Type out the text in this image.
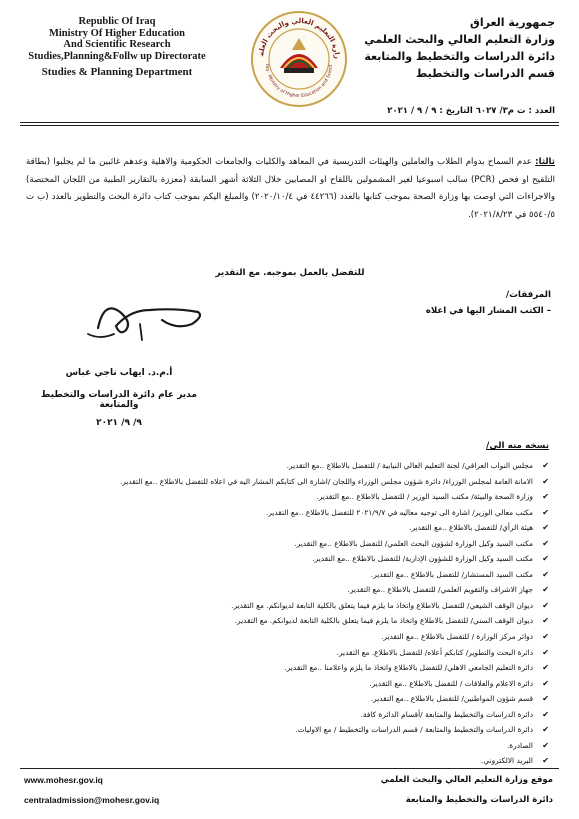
Republic Of Iraq
Ministry Of Higher Education
And Scientific Research
Studies,Planning&Follw up Directorate
Studies & Planning Department
زارة التعليم العالي والبحث العلم
raq · Ministry of Higher Education and Scient
جمهورية العراق
وزارة التعليم العالي والبحث العلمي
دائرة الدراسات والتخطيط والمتابعة
قسم الدراسات والتخطيط
العدد : ت م٣/ ٦٠٢٧ التاريخ : ٩ / ٩ / ٢٠٢١
ثالثا: عدم السماح بدوام الطلاب والعاملين والهيئات التدريسية في المعاهد والكليات والجامعات الحكومية والاهلية وعدهم غائبين ما لم يجلبوا (بطاقة التلقيح او فحص (PCR) سالب اسبوعيا لغير المشمولين باللقاح او المصابين خلال الثلاثة أشهر السابقة (معززة بالتقارير الطبية من اللجان المختصة) والاجراءات التي اوصت بها وزارة الصحة بموجب كتابها بالعدد (٤٤٢٦٦ في ٢٠٢٠/١٠/٤) والمبلغ اليكم بموجب كتاب دائرة البحث والتطوير بالعدد (ب ت ٥٥٤٠/٥ في ٢٠٢١/٨/٢٣).
للتفضل بالعمل بموجبه. مع التقدير
المرفقات/
– الكتب المشار اليها في اعلاه
أ.م.د. ايهاب ناجي عباس
مدير عام دائرة الدراسات والتخطيط والمتابعة
٩/ ٩/ ٢٠٢١
نسخه منه الى/
✔ مجلس النواب العراقي/ لجنة التعليم العالي النيابية / للتفضل بالاطلاع ..مع التقدير.
✔ الامانة العامة لمجلس الوزراء/ دائرة شؤون مجلس الوزراء واللجان /اشارة الى كتابكم المشار اليه في اعلاه للتفضل بالاطلاع ..مع التقدير.
✔ وزارة الصحة والبيئة/ مكتب السيد الوزير / للتفضل بالاطلاع ..مع التقدير.
✔ مكتب معالي الوزير/ اشارة الى توجيه معاليه في ٢٠٢١/٩/٧ للتفضل بالاطلاع ..مع التقدير.
✔ هيئة الرأي/ للتفضل بالاطلاع ..مع التقدير.
✔ مكتب السيد وكيل الوزارة لشؤون البحث العلمي/ للتفضل بالاطلاع ..مع التقدير.
✔ مكتب السيد وكيل الوزارة للشؤون الإدارية/ للتفضل بالاطلاع ..مع التقدير.
✔ مكتب السيد المستشار/ للتفضل بالاطلاع ..مع التقدير.
✔ جهاز الاشراف والتقويم العلمي/ للتفضل بالاطلاع ..مع التقدير.
✔ ديوان الوقف الشيعي/ للتفضل بالاطلاع واتخاذ ما يلزم فيما يتعلق بالكلية التابعة لديوانكم. مع التقدير.
✔ ديوان الوقف السني/ للتفضل بالاطلاع واتخاذ ما يلزم فيما يتعلق بالكلية التابعة لديوانكم. مع التقدير.
✔ دوائر مركز الوزارة / للتفضل بالاطلاع ..مع التقدير.
✔ دائرة البحث والتطوير/ كتابكم أعلاه/ للتفضل بالاطلاع. مع التقدير.
✔ دائرة التعليم الجامعي الاهلي/ للتفضل بالاطلاع واتخاذ ما يلزم واعلامنا ..مع التقدير.
✔ دائرة الاعلام والعلاقات / للتفضل بالاطلاع ..مع التقدير.
✔ قسم شؤون المواطنين/ للتفضل بالاطلاع ..مع التقدير.
✔ دائرة الدراسات والتخطيط والمتابعة /أقسام الدائرة كافة.
✔ دائرة الدراسات والتخطيط والمتابعة / قسم الدراسات والتخطيط / مع الاوليات.
✔ الصادرة.
✔ البريد الالكتروني.
www.mohesr.gov.iq
centraladmission@mohesr.gov.iq
موقع وزارة التعليم العالي والبحث العلمي
دائرة الدراسات والتخطيط والمتابعة
